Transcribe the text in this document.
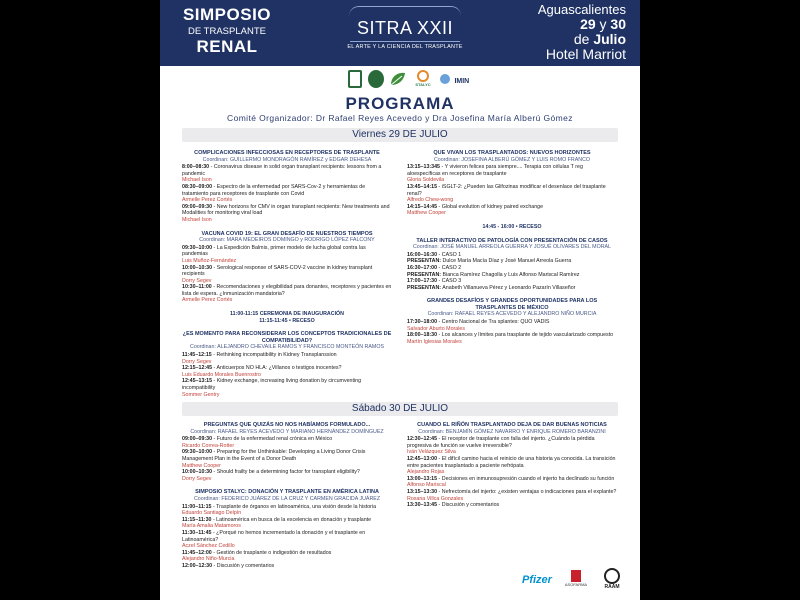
SIMPOSIO
DE TRASPLANTE
RENAL
SITRA XXII
EL ARTE Y LA CIENCIA DEL TRASPLANTE
Aguascalientes
29 y 30
de Julio
Hotel Marriot
STALYC	IMIN
PROGRAMA
Comité Organizador: Dr Rafael Reyes Acevedo y Dra Josefina María Alberú Gómez
Viernes 29 DE JULIO
Sábado 30 DE JULIO
COMPLICACIONES INFECCIOSAS EN RECEPTORES DE TRASPLANTE
Coordinan: GUILLERMO MONDRAGÓN RAMÍREZ y EDGAR DEHESA
8:00–08:30 - Coronavirus disease in solid organ transplant recipients: lessons from a pandemic
Michael Ison
08:30–09:00 - Espectro de la enfermedad por SARS-Cov-2 y herramientas de tratamiento para receptores de trasplante con Covid
Armelle Perez Cortés
09:00–09:30 - New horizons for CMV in organ transplant recipients: New treatments and Modalities for monitoring viral load
Michael Ison
VACUNA COVID 19: EL GRAN DESAFÍO DE NUESTROS TIEMPOS
Coordinan: MARA MEDEIROS DOMINGO y RODRIGO LÓPEZ FALCONY
09:30–10:00 - La Expedición Balmis, primer modelo de lucha global contra las pandemias
Luis Muñoz-Fernández
10:00–10:30 - Serological response of SARS-COV-2 vaccine in kidney transplant recipients
Dorry Segev
10:30–11:00 - Recomendaciones y elegibilidad para donantes, receptores y pacientes en lista de espera. ¿Inmunización mandatoria?
Armelle Perez Cortés
11:00-11:15 CEREMONIA DE INAUGURACIÓN
11:15-11:45 • RECESO
¿ES MOMENTO PARA RECONSIDERAR LOS CONCEPTOS TRADICIONALES DE COMPATIBILIDAD?
Coordinan: ALEJANDRO CHEVAILE RAMOS Y FRANCISCO MONTEÓN RAMOS
11:45–12:15 - Rethinking incompatibility in Kidney Transplanssion
Dorry Segev
12:15–12:45 - Anticuerpos NO HLA: ¿Villanos o testigos inocentes?
Luis Eduardo Morales Buenrostro
12:45–13:15 - Kidney exchange, increasing living donation by circumventing incompatibility
Sommer Gentry
QUE VIVAN LOS TRASPLANTADOS: NUEVOS HORIZONTES
Coordinan: JOSEFINA ALBERÚ GÓMEZ Y LUIS ROMO FRANCO
13:15–13:345 - Y vivieron felices para siempre.... Terapia con células T reg aloespecíficas en receptores de trasplante
Gloria Soldevila
13:45–14:15 - iSGLT-2: ¿Pueden las Glifozinas modificar el desenlace del trasplante renal?
Alfredo Chew-wong
14:15–14:45 - Global evolution of kidney paired exchange
Matthew Cooper
14:45 - 16:00 • RECESO
TALLER INTERACTIVO DE PATOLOGÍA CON PRESENTACIÓN DE CASOS
Coordinan: JOSÉ MANUEL ARREOLA GUERRA Y JOSUÉ OLIVARES DEL MORAL
16:00–16:30 - CASO 1
PRESENTAN: Dulce María Macía Díaz y José Manuel Arreola Guerra
16:30–17:00 - CASO 2
PRESENTAN: Bianca Ramírez Chagolla y Luis Alfonso Mariscal Ramírez
17:00–17:30 - CASO 3
PRESENTAN: Anabeth Villanueva Pérez y Leonardo Pazarín Villaseñor
GRANDES DESAFÍOS Y GRANDES OPORTUNIDADES PARA LOS TRASPLANTES DE MÉXICO
Coordinan: RAFAEL REYES ACEVEDO Y ALEJANDRO NIÑO MURCIA
17:30–18:00 - Centro Nacional de Tra splantes: QUO VADIS
Salvador Aburto Morales
18:00–18:30 - Los alcances y límites para trasplante de tejido vascularizado compuesto
Martín Iglesias Morales
PREGUNTAS QUE QUIZÁS NO NOS HABÍAMOS FORMULADO...
Coordinan: RAFAEL REYES ACEVEDO Y MARIANO HERNÁNDEZ DOMÍNGUEZ
09:00–09:30 - Futuro de la enfermedad renal crónica en México
Ricardo Correa-Rotter
09:30–10:00 - Preparing for the Unthinkable: Developing a Living Donor Crisis Management Plan in the Event of a Donor Death
Matthew Cooper
10:00–10:30 - Should frailty be a determining factor for transplant eligibility?
Dorry Segev
SIMPOSIO STALYC: DONACIÓN Y TRASPLANTE EN AMÉRICA LATINA
Coordinan: FEDERICO JUÁREZ DE LA CRUZ Y CARMEN GRACIDA JUÁREZ
11:00–11:15 - Trasplante de órganos en latinoamérica, una visión desde la historia
Eduardo Santiago Delpín
11:15–11:30 - Latinoamérica en busca de la excelencia en donación y trasplante
María Amalia Matamoros
11:30–11:45 - ¿Porqué no hemos incrementado la donación y el trasplante en Latinoamérica?
Aczel Sánchez Cedillo
11:45–12:00 - Gestión de trasplante o indigestión de resultados
Alejandro Niño-Murcia
12:00–12:30 - Discusión y comentarios
CUANDO EL RIÑÓN TRASPLANTADO DEJA DE DAR BUENAS NOTICIAS
Coordinan: BENJAMÍN GÓMEZ NAVARRO Y ENRIQUE ROMERO BARANZINI
12:30–12:45 - El receptor de trasplante con falla del injerto. ¿Cuándo la pérdida progresiva de función se vuelve irreversible?
Iván Velázquez Silva
12:45–13:00 - El difícil camino hacia el reinicio de una historia ya conocida. La transición entre pacientes trasplantado a paciente nefrópata
Alejandro Rojas
13:00–13:15 - Decisiones en inmunosupresión cuando el injerto ha declinado su función
Alfonso Mariscal
13:15–13:30 - Nefrectomía del injerto: ¿existen ventajas o indicaciones para el explante?
Roxana Villca Gonzales
13:30–13:45 - Discusión y comentarios
Pfizer	ASOFARMA	RAAM
